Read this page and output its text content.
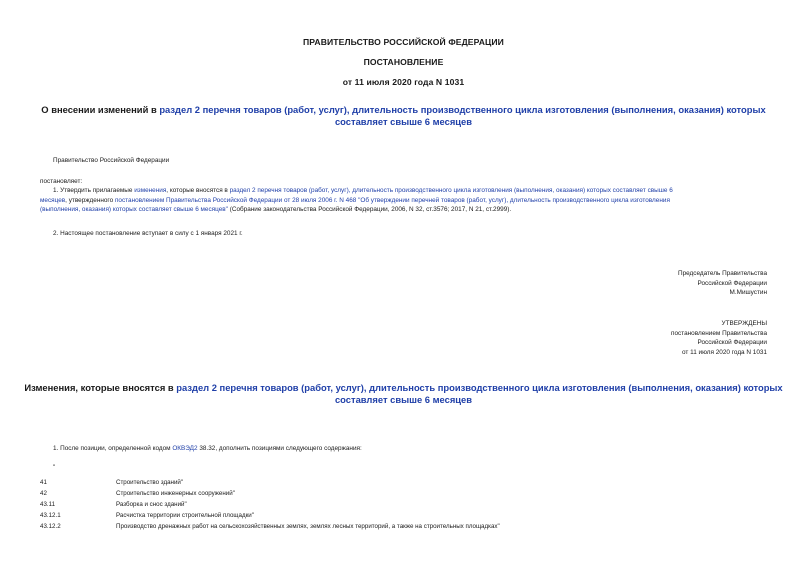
ПРАВИТЕЛЬСТВО РОССИЙСКОЙ ФЕДЕРАЦИИ
ПОСТАНОВЛЕНИЕ
от 11 июля 2020 года N 1031
О внесении изменений в раздел 2 перечня товаров (работ, услуг), длительность производственного цикла изготовления (выполнения, оказания) которых
составляет свыше 6 месяцев
Правительство Российской Федерации
постановляет:
1. Утвердить прилагаемые изменения, которые вносятся в раздел 2 перечня товаров (работ, услуг), длительность производственного цикла изготовления (выполнения, оказания) которых составляет свыше 6
месяцев, утвержденного постановлением Правительства Российской Федерации от 28 июля 2006 г. N 468 "Об утверждении перечней товаров (работ, услуг), длительность производственного цикла изготовления
(выполнения, оказания) которых составляет свыше 6 месяцев" (Собрание законодательства Российской Федерации, 2006, N 32, ст.3576; 2017, N 21, ст.2999).
2. Настоящее постановление вступает в силу с 1 января 2021 г.
Председатель Правительства
Российской Федерации
М.Мишустин
УТВЕРЖДЕНЫ
постановлением Правительства
Российской Федерации
от 11 июля 2020 года N 1031
Изменения, которые вносятся в раздел 2 перечня товаров (работ, услуг), длительность производственного цикла изготовления (выполнения, оказания) которых
составляет свыше 6 месяцев
1. После позиции, определенной кодом ОКВЭД2 38.32, дополнить позициями следующего содержания:
"
41	Строительство зданий"
42	Строительство инженерных сооружений"
43.11	Разборка и снос зданий"
43.12.1	Расчистка территории строительной площадки"
43.12.2	Производство дренажных работ на сельскохозяйственных землях, землях лесных территорий, а также на строительных площадках"
